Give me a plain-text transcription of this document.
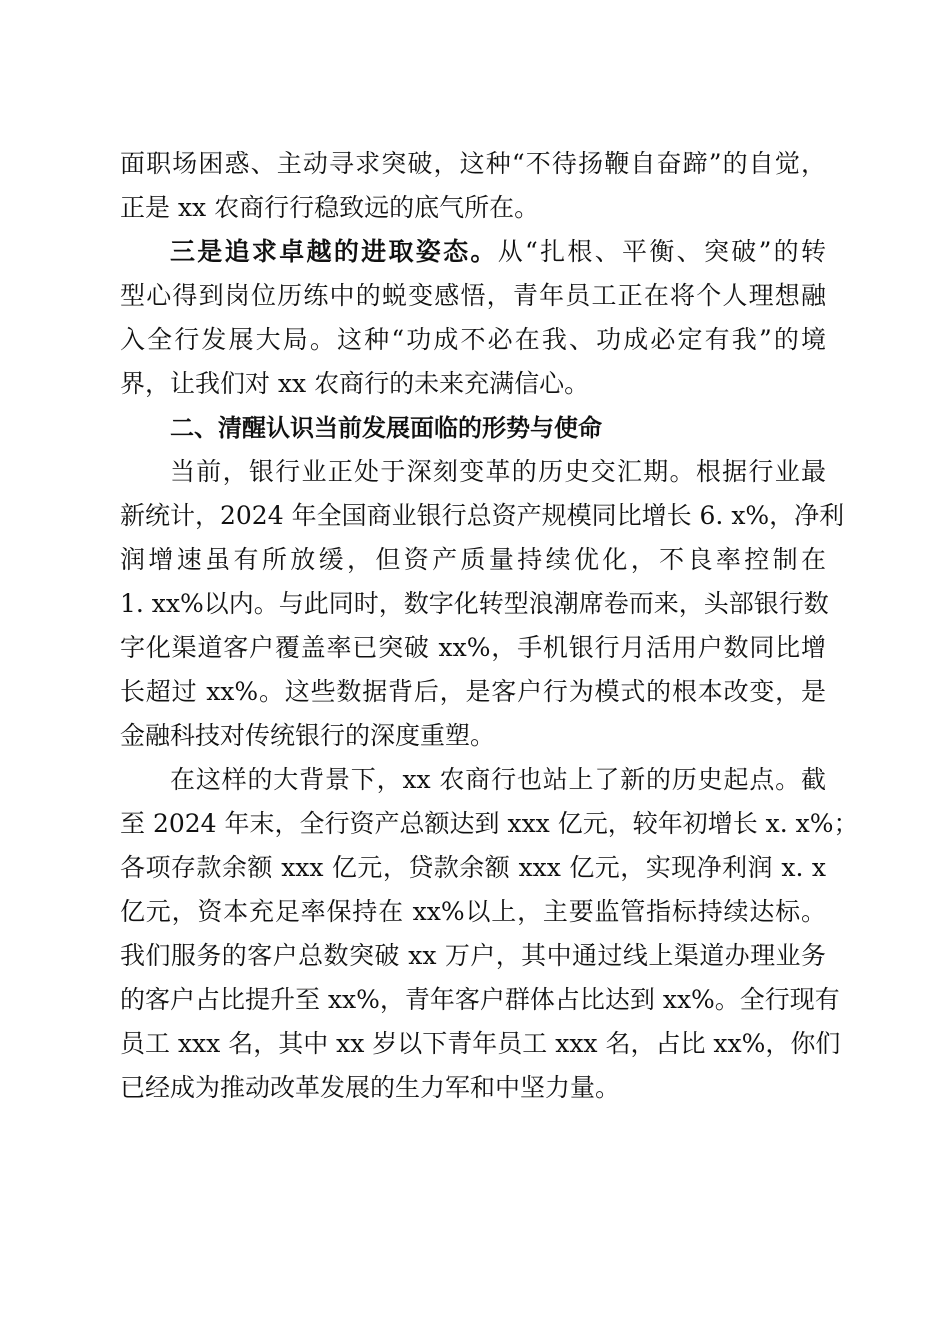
面职场困惑、主动寻求突破，这种“不待扬鞭自奋蹄”的自觉，
正是 xx 农商行行稳致远的底气所在。
三是追求卓越的进取姿态。从“扎根、平衡、突破”的转
型心得到岗位历练中的蜕变感悟，青年员工正在将个人理想融
入全行发展大局。这种“功成不必在我、功成必定有我”的境
界，让我们对 xx 农商行的未来充满信心。
二、清醒认识当前发展面临的形势与使命
当前，银行业正处于深刻变革的历史交汇期。根据行业最
新统计，2024 年全国商业银行总资产规模同比增长 6. x%，净利
润增速虽有所放缓，但资产质量持续优化，不良率控制在
1. xx%以内。与此同时，数字化转型浪潮席卷而来，头部银行数
字化渠道客户覆盖率已突破 xx%，手机银行月活用户数同比增
长超过 xx%。这些数据背后，是客户行为模式的根本改变，是
金融科技对传统银行的深度重塑。
在这样的大背景下，xx 农商行也站上了新的历史起点。截
至 2024 年末，全行资产总额达到 xxx 亿元，较年初增长 x. x%；
各项存款余额 xxx 亿元，贷款余额 xxx 亿元，实现净利润 x. x
亿元，资本充足率保持在 xx%以上，主要监管指标持续达标。
我们服务的客户总数突破 xx 万户，其中通过线上渠道办理业务
的客户占比提升至 xx%，青年客户群体占比达到 xx%。全行现有
员工 xxx 名，其中 xx 岁以下青年员工 xxx 名，占比 xx%，你们
已经成为推动改革发展的生力军和中坚力量。
